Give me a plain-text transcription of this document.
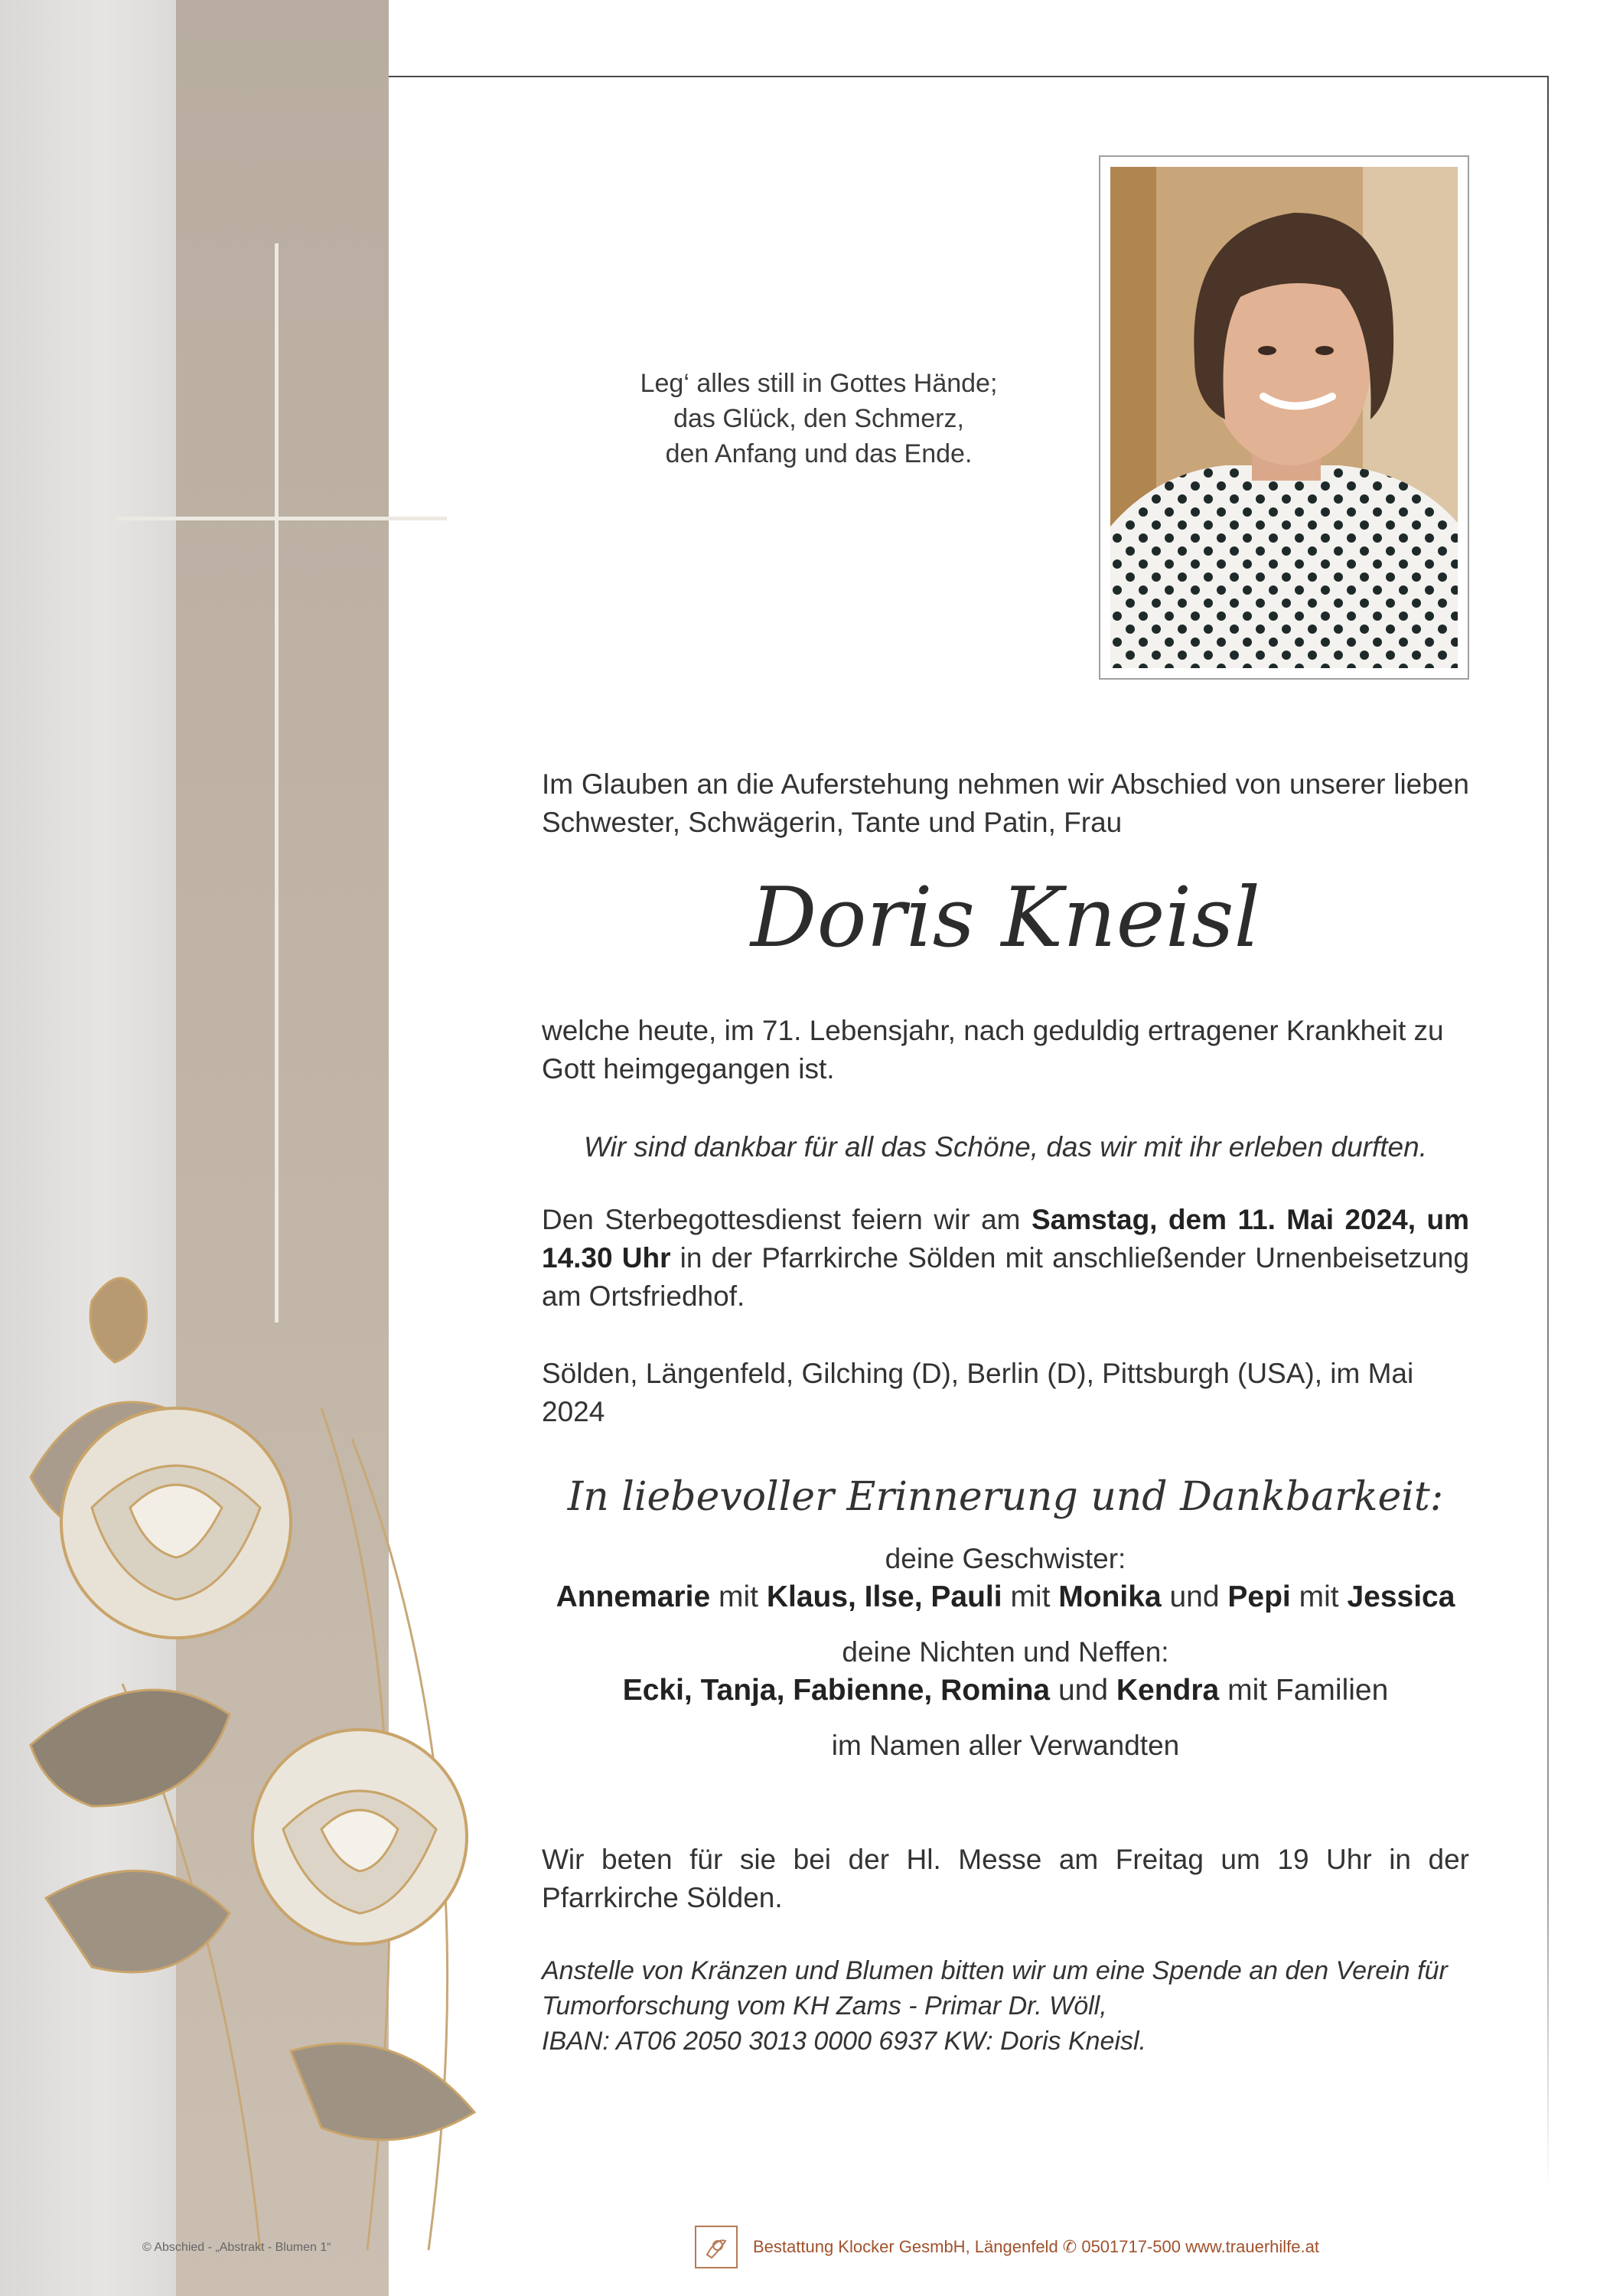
Leg‘ alles still in Gottes Hände;
das Glück, den Schmerz,
den Anfang und das Ende.
Im Glauben an die Auferstehung nehmen wir Abschied von unserer lieben Schwester, Schwägerin, Tante und Patin, Frau
Doris Kneisl
welche heute, im 71. Lebensjahr, nach geduldig ertragener Krankheit zu Gott heimgegangen ist.
Wir sind dankbar für all das Schöne, das wir mit ihr erleben durften.
Den Sterbegottesdienst feiern wir am Samstag, dem 11. Mai 2024, um 14.30 Uhr in der Pfarrkirche Sölden mit anschließender Urnenbeisetzung am Ortsfriedhof.
Sölden, Längenfeld, Gilching (D), Berlin (D), Pittsburgh (USA), im Mai 2024
In liebevoller Erinnerung und Dankbarkeit:
deine Geschwister:
Annemarie mit Klaus, Ilse, Pauli mit Monika und Pepi mit Jessica
deine Nichten und Neffen:
Ecki, Tanja, Fabienne, Romina und Kendra mit Familien
im Namen aller Verwandten
Wir beten für sie bei der Hl. Messe am Freitag um 19 Uhr in der Pfarrkirche Sölden.
Anstelle von Kränzen und Blumen bitten wir um eine Spende an den Verein für
Tumorforschung vom KH Zams - Primar Dr. Wöll,
IBAN: AT06 2050 3013 0000 6937 KW: Doris Kneisl.
© Abschied - „Abstrakt - Blumen 1“	Bestattung Klocker GesmbH, Längenfeld ✆ 0501717-500 www.trauerhilfe.at
